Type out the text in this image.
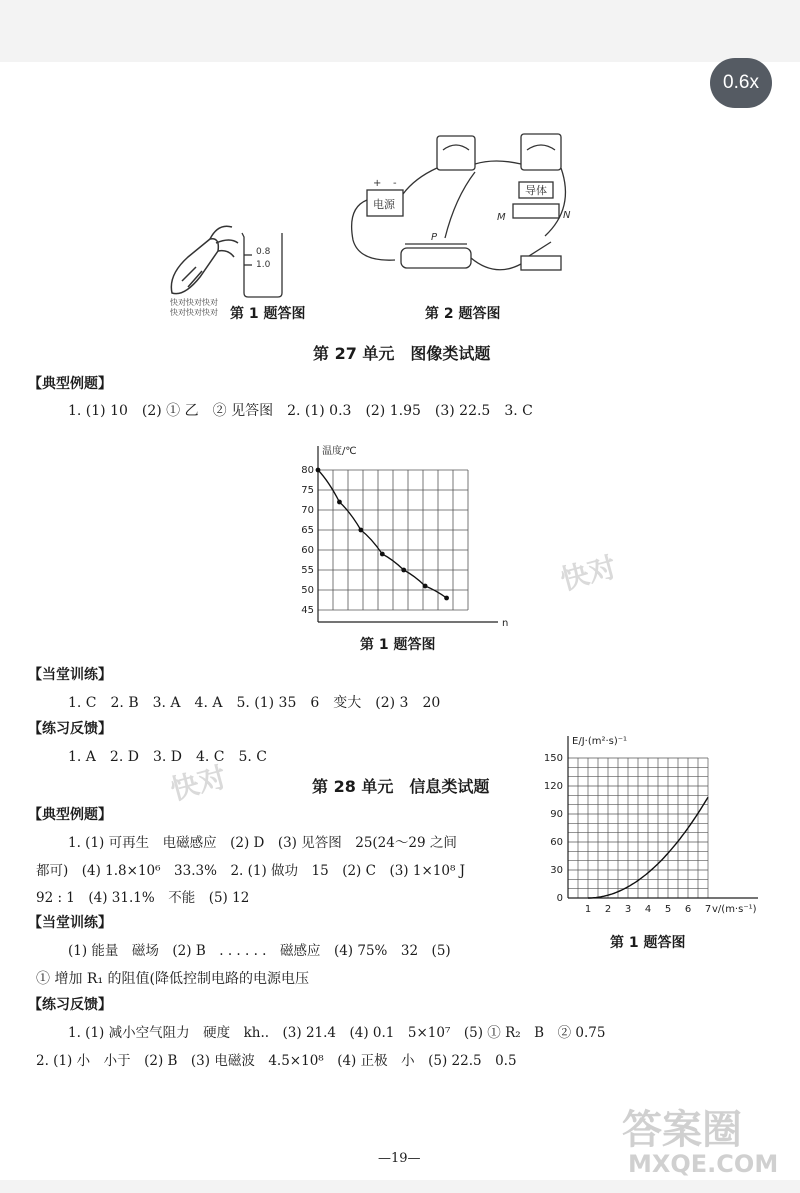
0.6x
0.8
1.0
快对快对快对
快对快对快对 第 1 题答图
电源
+ -
导体
M	N
P
第 2 题答图
第 27 单元　图像类试题
【典型例题】
1. (1) 10　(2) ① 乙　② 见答图　2. (1) 0.3　(2) 1.95　(3) 22.5　3. C
温度/℃
n
45
50
55
60
65
70
75
80
第 1 题答图
【当堂训练】
1. C　2. B　3. A　4. A　5. (1) 35　6　变大　(2) 3　20
【练习反馈】
1. A　2. D　3. D　4. C　5. C
第 28 单元　信息类试题
【典型例题】
1. (1) 可再生　电磁感应　(2) D　(3) 见答图　25(24～29 之间
都可)　(4) 1.8×10⁶　33.3%　2. (1) 做功　15　(2) C　(3) 1×10⁸ J
92 : 1　(4) 31.1%　不能　(5) 12
【当堂训练】
(1) 能量　磁场　(2) B　. . . . . .　磁感应　(4) 75%　32　(5)
① 增加 R₁ 的阻值(降低控制电路的电源电压
【练习反馈】
1. (1) 减小空气阻力　硬度　kh..　(3) 21.4　(4) 0.1　5×10⁷　(5) ① R₂　B　② 0.75
2. (1) 小　小于　(2) B　(3) 电磁波　4.5×10⁸　(4) 正极　小　(5) 22.5　0.5
E/J·(m²·s)⁻¹
v/(m·s⁻¹)
0
30
60
90
120
150
1 2 3 4 5 6 7
第 1 题答图
快对
快对
答案圈
MXQE.COM
—19—
